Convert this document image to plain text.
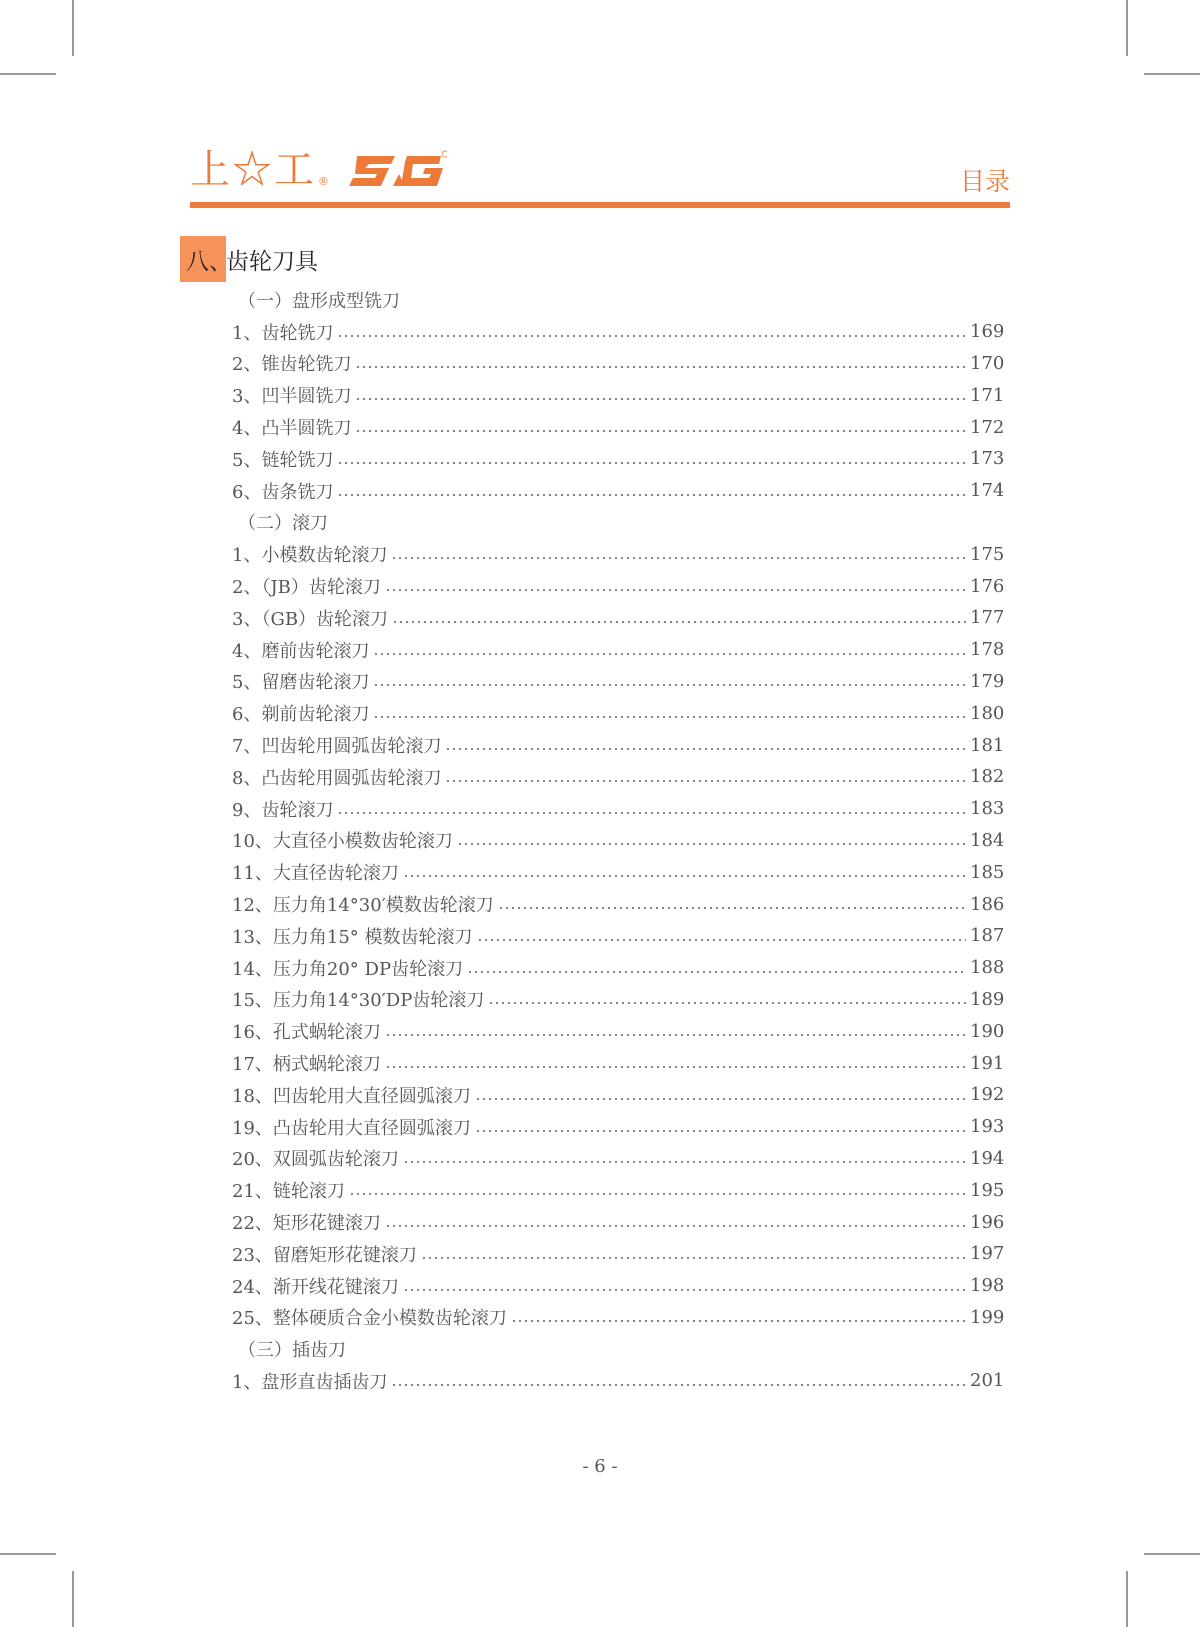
上☆工 ®	目录
八、
齿轮刀具
（一）盘形成型铣刀
1、齿轮铣刀	169
2、锥齿轮铣刀	170
3、凹半圆铣刀	171
4、凸半圆铣刀	172
5、链轮铣刀	173
6、齿条铣刀	174
（二）滚刀
1、小模数齿轮滚刀	175
2、（JB）齿轮滚刀	176
3、（GB）齿轮滚刀	177
4、磨前齿轮滚刀	178
5、留磨齿轮滚刀	179
6、剃前齿轮滚刀	180
7、凹齿轮用圆弧齿轮滚刀	181
8、凸齿轮用圆弧齿轮滚刀	182
9、齿轮滚刀	183
10、大直径小模数齿轮滚刀	184
11、大直径齿轮滚刀	185
12、压力角14°30′模数齿轮滚刀	186
13、压力角15° 模数齿轮滚刀	187
14、压力角20° DP齿轮滚刀	188
15、压力角14°30′DP齿轮滚刀	189
16、孔式蜗轮滚刀	190
17、柄式蜗轮滚刀	191
18、凹齿轮用大直径圆弧滚刀	192
19、凸齿轮用大直径圆弧滚刀	193
20、双圆弧齿轮滚刀	194
21、链轮滚刀	195
22、矩形花键滚刀	196
23、留磨矩形花键滚刀	197
24、渐开线花键滚刀	198
25、整体硬质合金小模数齿轮滚刀	199
（三）插齿刀
1、盘形直齿插齿刀	201
- 6 -
